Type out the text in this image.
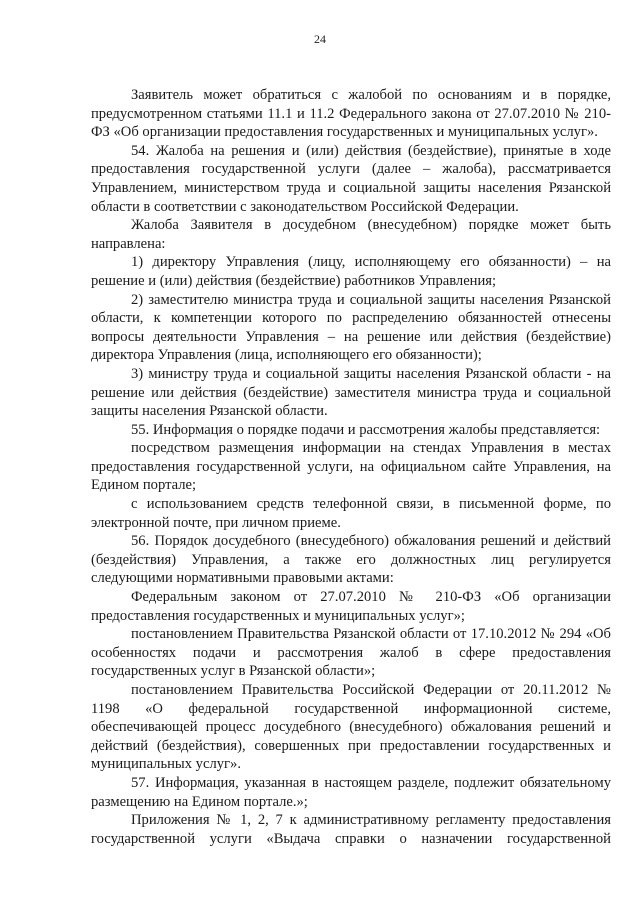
24

Заявитель может обратиться с жалобой по основаниям и в порядке, предусмотренном статьями 11.1 и 11.2 Федерального закона от 27.07.2010 № 210-ФЗ «Об организации предоставления государственных и муниципальных услуг».

54. Жалоба на решения и (или) действия (бездействие), принятые в ходе предоставления государственной услуги (далее – жалоба), рассматривается Управлением, министерством труда и социальной защиты населения Рязанской области в соответствии с законодательством Российской Федерации.

Жалоба Заявителя в досудебном (внесудебном) порядке может быть направлена:

1) директору Управления (лицу, исполняющему его обязанности) – на решение и (или) действия (бездействие) работников Управления;

2) заместителю министра труда и социальной защиты населения Рязанской области, к компетенции которого по распределению обязанностей отнесены вопросы деятельности Управления – на решение или действия (бездействие) директора Управления (лица, исполняющего его обязанности);

3) министру труда и социальной защиты населения Рязанской области - на решение или действия (бездействие) заместителя министра труда и социальной защиты населения Рязанской области.

55. Информация о порядке подачи и рассмотрения жалобы представляется:

посредством размещения информации на стендах Управления в местах предоставления государственной услуги, на официальном сайте Управления, на Едином портале;

с использованием средств телефонной связи, в письменной форме, по электронной почте, при личном приеме.

56. Порядок досудебного (внесудебного) обжалования решений и действий (бездействия) Управления, а также его должностных лиц регулируется следующими нормативными правовыми актами:

Федеральным законом от 27.07.2010 № 210-ФЗ «Об организации предоставления государственных и муниципальных услуг»;

постановлением Правительства Рязанской области от 17.10.2012 № 294 «Об особенностях подачи и рассмотрения жалоб в сфере предоставления государственных услуг в Рязанской области»;

постановлением Правительства Российской Федерации от 20.11.2012 № 1198 «О федеральной государственной информационной системе, обеспечивающей процесс досудебного (внесудебного) обжалования решений и действий (бездействия), совершенных при предоставлении государственных и муниципальных услуг».

57. Информация, указанная в настоящем разделе, подлежит обязательному размещению на Едином портале.»;

Приложения № 1, 2, 7 к административному регламенту предоставления государственной услуги «Выдача справки о назначении государственной
